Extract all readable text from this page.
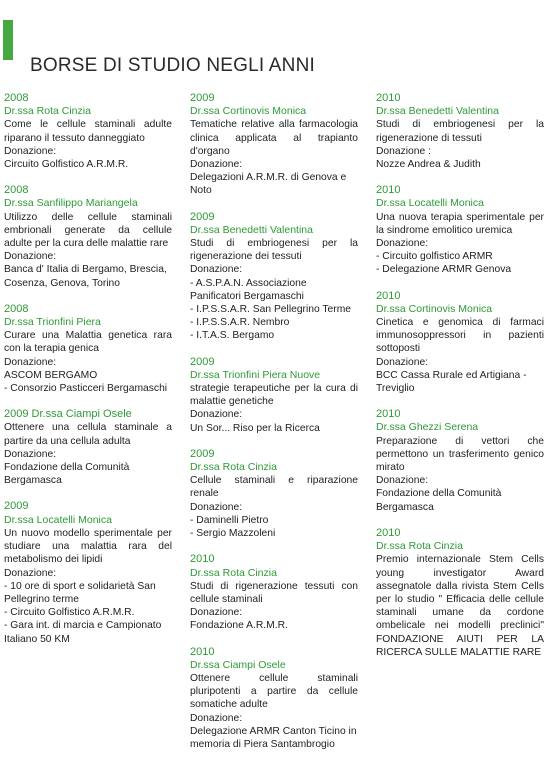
BORSE DI STUDIO NEGLI ANNI
2008
Dr.ssa Rota Cinzia
Come le cellule staminali adulte riparano il tessuto danneggiato
Donazione:
Circuito Golfistico A.R.M.R.
2008
Dr.ssa Sanfilippo Mariangela
Utilizzo delle cellule staminali embrionali generate da cellule adulte per la cura delle malattie rare
Donazione:
Banca d' Italia di Bergamo, Brescia, Cosenza, Genova, Torino
2008
Dr.ssa Trionfini Piera
Curare una Malattia genetica rara con la terapia genica
Donazione:
ASCOM BERGAMO
- Consorzio Pasticceri Bergamaschi
2009 Dr.ssa Ciampi Osele
Ottenere una cellula staminale a partire da una cellula adulta
Donazione:
Fondazione della Comunità Bergamasca
2009
Dr.ssa Locatelli Monica
Un nuovo modello sperimentale per studiare una malattia rara del metabolismo dei lipidi
Donazione:
- 10 ore di sport e solidarietà San Pellegrino terme
- Circuito Golfistico A.R.M.R.
- Gara int. di marcia e Campionato Italiano 50 KM
2009
Dr.ssa Cortinovis Monica
Tematiche relative alla farmacologia clinica applicata al trapianto d'organo
Donazione:
Delegazioni A.R.M.R. di Genova e Noto
2009
Dr.ssa Benedetti Valentina
Studi di embriogenesi per la rigenerazione dei tessuti
Donazione:
- A.S.P.A.N. Associazione Panificatori Bergamaschi
- I.P.S.S.A.R. San Pellegrino Terme
- I.P.S.S.A.R. Nembro
- I.T.A.S. Bergamo
2009
Dr.ssa Trionfini Piera Nuove
strategie terapeutiche per la cura di malattie genetiche
Donazione:
Un Sor... Riso per la Ricerca
2009
Dr.ssa Rota Cinzia
Cellule staminali e riparazione renale
Donazione:
- Daminelli Pietro
- Sergio Mazzoleni
2010
Dr.ssa Rota Cinzia
Studi di rigenerazione tessuti con cellule staminali
Donazione:
Fondazione A.R.M.R.
2010
Dr.ssa Ciampi Osele
Ottenere cellule staminali pluripotenti a partire da cellule somatiche adulte
Donazione:
Delegazione ARMR Canton Ticino in memoria di Piera Santambrogio
2010
Dr.ssa Benedetti Valentina
Studi di embriogenesi per la rigenerazione di tessuti
Donazione :
Nozze Andrea & Judith
2010
Dr.ssa Locatelli Monica
Una nuova terapia sperimentale per la sindrome emolitico uremica
Donazione:
- Circuito golfistico ARMR
- Delegazione ARMR Genova
2010
Dr.ssa Cortinovis Monica
Cinetica e genomica di farmaci immunosoppressori in pazienti sottoposti
Donazione:
BCC Cassa Rurale ed Artigiana - Treviglio
2010
Dr.ssa Ghezzi Serena
Preparazione di vettori che permettono un trasferimento genico mirato
Donazione:
Fondazione della Comunità Bergamasca
2010
Dr.ssa Rota Cinzia
Premio internazionale Stem Cells young investigator Award assegnatole dalla rivista Stem Cells per lo studio " Efficacia delle cellule staminali umane da cordone ombelicale nei modelli preclinici" FONDAZIONE AIUTI PER LA RICERCA SULLE MALATTIE RARE
